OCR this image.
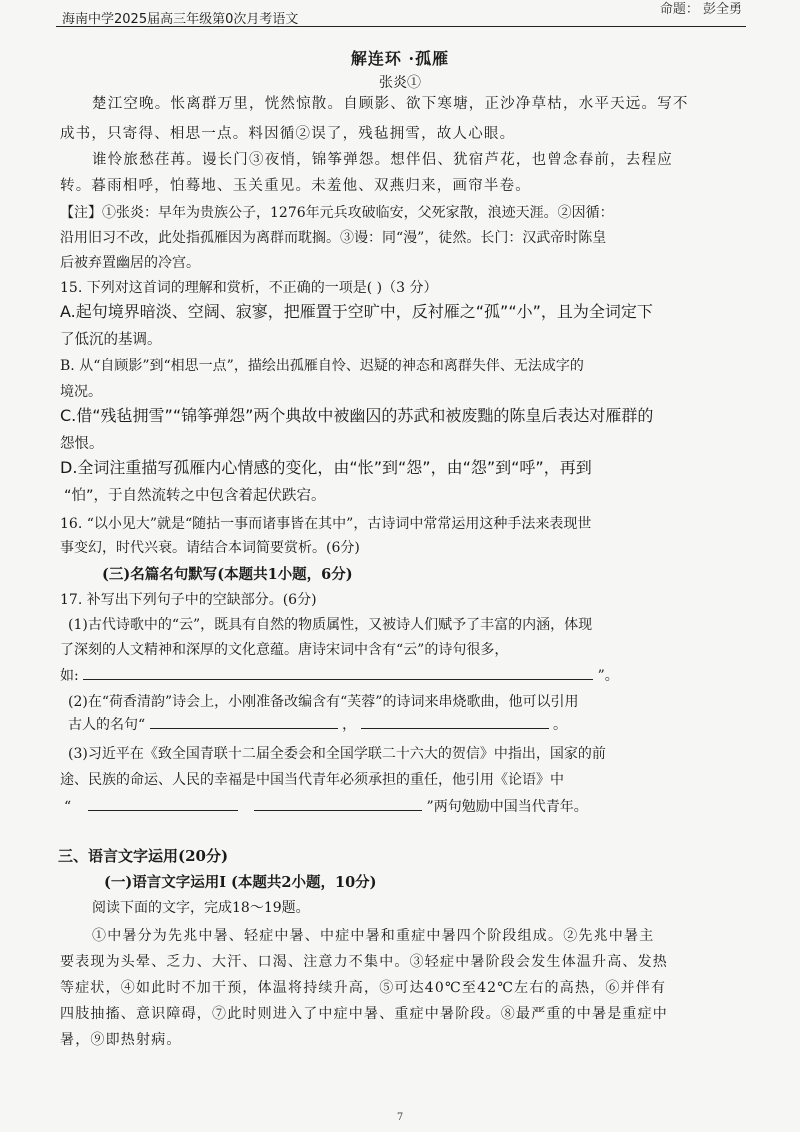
海南中学2025届高三年级第0次月考语文
命题： 彭全勇
解连环 ·孤雁
张炎①
楚江空晚。怅离群万里，恍然惊散。自顾影、欲下寒塘，正沙净草枯，水平天远。写不
成书，只寄得、相思一点。料因循②误了，残毡拥雪，故人心眼。
谁怜旅愁荏苒。谩长门③夜悄，锦筝弹怨。想伴侣、犹宿芦花，也曾念春前，去程应
转。暮雨相呼，怕蓦地、玉关重见。未羞他、双燕归来，画帘半卷。
【注】①张炎：早年为贵族公子，1276年元兵攻破临安，父死家散，浪迹天涯。②因循：
沿用旧习不改，此处指孤雁因为离群而耽搁。③谩：同“漫”，徒然。长门：汉武帝时陈皇
后被弃置幽居的冷宫。
15. 下列对这首词的理解和赏析，不正确的一项是( )（3 分）
A.起句境界暗淡、空阔、寂寥，把雁置于空旷中，反衬雁之“孤”“小”，且为全词定下
了低沉的基调。
B. 从“自顾影”到“相思一点”，描绘出孤雁自怜、迟疑的神态和离群失伴、无法成字的
境况。
C.借“残毡拥雪”“锦筝弹怨”两个典故中被幽囚的苏武和被废黜的陈皇后表达对雁群的
怨恨。
D.全词注重描写孤雁内心情感的变化，由“怅”到“怨”，由“怨”到“呼”，再到
“怕”，于自然流转之中包含着起伏跌宕。
16. “以小见大”就是“随拈一事而诸事皆在其中”，古诗词中常常运用这种手法来表现世
事变幻，时代兴衰。请结合本词简要赏析。(6分)
(三)名篇名句默写(本题共1小题，6分)
17. 补写出下列句子中的空缺部分。(6分)
(1)古代诗歌中的“云”，既具有自然的物质属性，又被诗人们赋予了丰富的内涵，体现
了深刻的人文精神和深厚的文化意蕴。唐诗宋词中含有“云”的诗句很多，
如:	”。
(2)在“荷香清韵”诗会上，小刚准备改编含有“芙蓉”的诗词来串烧歌曲，他可以引用
古人的名句“	，	。
(3)习近平在《致全国青联十二届全委会和全国学联二十六大的贺信》中指出，国家的前
途、民族的命运、人民的幸福是中国当代青年必须承担的重任，他引用《论语》中
“	”两句勉励中国当代青年。
三、语言文字运用(20分)
(一)语言文字运用Ⅰ (本题共2小题，10分)
阅读下面的文字，完成18～19题。
①中暑分为先兆中暑、轻症中暑、中症中暑和重症中暑四个阶段组成。②先兆中暑主
要表现为头晕、乏力、大汗、口渴、注意力不集中。③轻症中暑阶段会发生体温升高、发热
等症状，④如此时不加干预，体温将持续升高，⑤可达40℃至42℃左右的高热，⑥并伴有
四肢抽搐、意识障碍，⑦此时则进入了中症中暑、重症中暑阶段。⑧最严重的中暑是重症中
暑，⑨即热射病。
7
